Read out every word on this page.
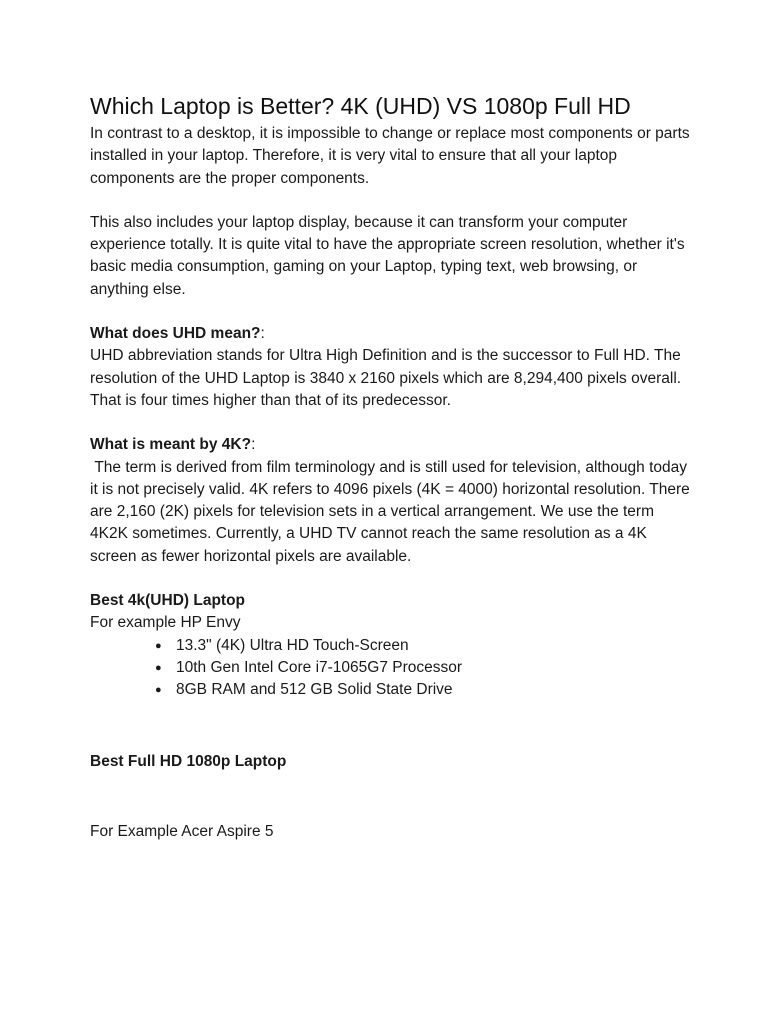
Which Laptop is Better? 4K (UHD) VS 1080p Full HD

In contrast to a desktop, it is impossible to change or replace most components or parts installed in your laptop. Therefore, it is very vital to ensure that all your laptop components are the proper components.

This also includes your laptop display, because it can transform your computer experience totally. It is quite vital to have the appropriate screen resolution, whether it's basic media consumption, gaming on your Laptop, typing text, web browsing, or anything else.

What does UHD mean?:

UHD abbreviation stands for Ultra High Definition and is the successor to Full HD. The resolution of the UHD Laptop is 3840 x 2160 pixels which are 8,294,400 pixels overall. That is four times higher than that of its predecessor.

What is meant by 4K?:

The term is derived from film terminology and is still used for television, although today it is not precisely valid. 4K refers to 4096 pixels (4K = 4000) horizontal resolution. There are 2,160 (2K) pixels for television sets in a vertical arrangement. We use the term 4K2K sometimes. Currently, a UHD TV cannot reach the same resolution as a 4K screen as fewer horizontal pixels are available.

Best 4k(UHD) Laptop

For example HP Envy

● 13.3" (4K) Ultra HD Touch-Screen
● 10th Gen Intel Core i7-1065G7 Processor
● 8GB RAM and 512 GB Solid State Drive

Best Full HD 1080p Laptop

For Example Acer Aspire 5
